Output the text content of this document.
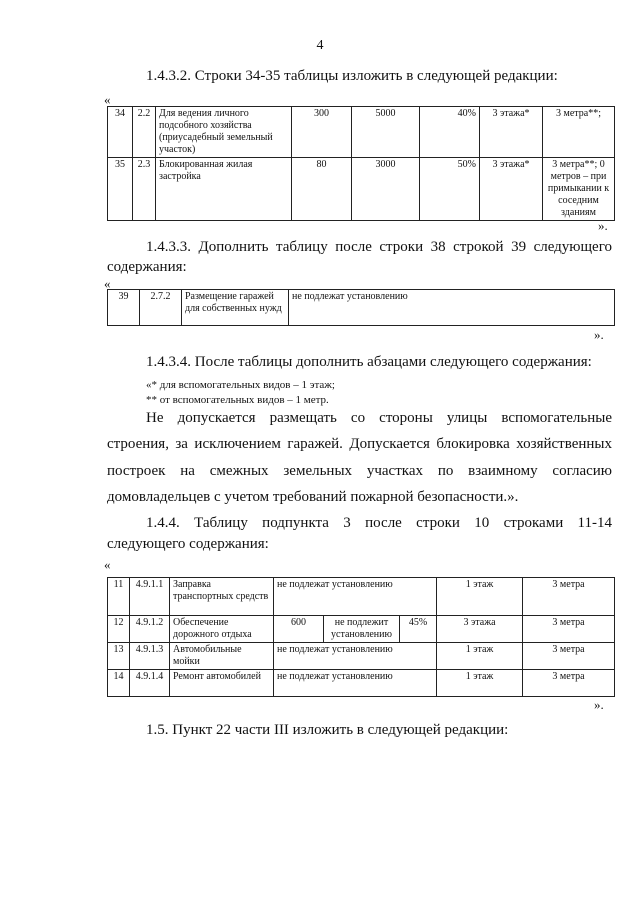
4
1.4.3.2. Строки 34-35 таблицы изложить в следующей редакции:
«
34	2.2	Для ведения личного подсобного хозяйства (приусадебный земельный участок)	300	5000	40%	3 этажа*	3 метра**;
35	2.3	Блокированная жилая застройка	80	3000	50%	3 этажа*	3 метра**; 0 метров – при примыкании к соседним зданиям
».
1.4.3.3. Дополнить таблицу после строки 38 строкой 39 следующего
содержания:
«
39	2.7.2	Размещение гаражей для собственных нужд	не подлежат установлению
».
1.4.3.4. После таблицы дополнить абзацами следующего содержания:
«* для вспомогательных видов – 1 этаж;
** от вспомогательных видов – 1 метр.
Не допускается размещать со стороны улицы вспомогательные
строения, за исключением гаражей. Допускается блокировка хозяйственных
построек на смежных земельных участках по взаимному согласию
домовладельцев с учетом требований пожарной безопасности.».
1.4.4. Таблицу подпункта 3 после строки 10 строками 11-14
следующего содержания:
«
11	4.9.1.1	Заправка транспортных средств	не подлежат установлению			1 этаж	3 метра
12	4.9.1.2	Обеспечение дорожного отдыха	600	не подлежит установлению	45%	3 этажа	3 метра
13	4.9.1.3	Автомобильные мойки	не подлежат установлению			1 этаж	3 метра
14	4.9.1.4	Ремонт автомобилей	не подлежат установлению			1 этаж	3 метра
».
1.5. Пункт 22 части III изложить в следующей редакции:
